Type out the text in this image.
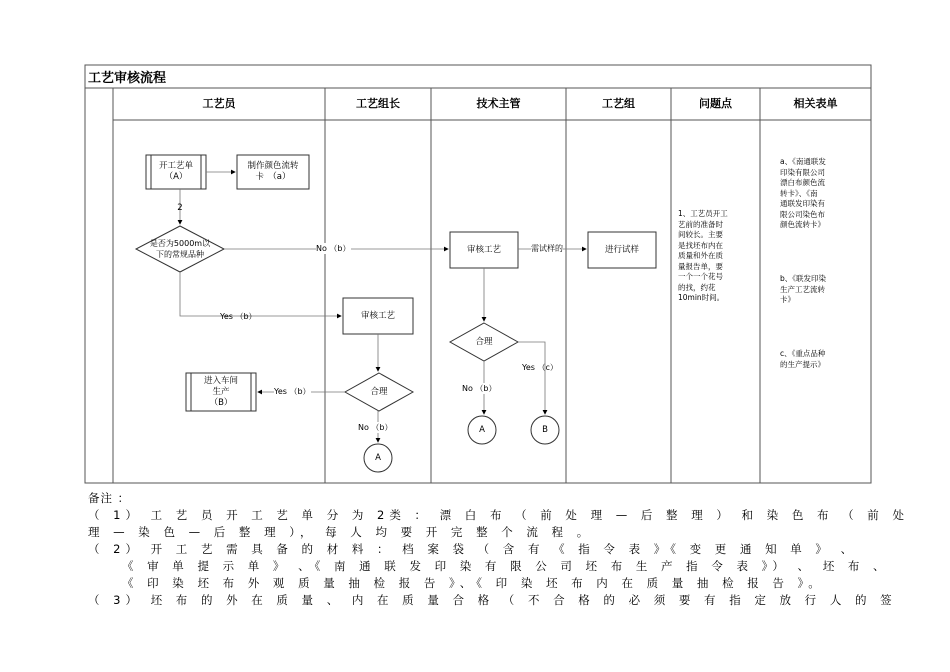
工艺审核流程
工艺员	工艺组长	技术主管	工艺组	问题点	相关表单
开工艺单
（A）
制作颜色流转
卡　（a）
2
是否为5000m以
下的常规品种
审核工艺
合理
进入车间
生产
（B）
A
审核工艺
合理
A	B
进行试样
No （b）
Yes （b）
Yes （b）
No （b）
需试样的
Yes （c）
No （b）
1、工艺员开工
艺前的准备时
间较长。主要
是找坯布内在
质量和外在质
量报告单，要
一个一个花号
的找，约花
10min时间。
a、《南通联发
印染有限公司
漂白布颜色流
转卡》、《南
通联发印染有
限公司染色布
颜色流转卡》
b、《联发印染
生产工艺流转
卡》
c、《重点品种
的生产提示》
备注 ：
（ 1） 工 艺 员 开 工 艺 单 分 为 2类 ： 漂 白 布 （ 前 处 理 — 后 整 理 ） 和 染 色 布 （ 前 处
理 — 染 色 — 后 整 理 ）， 每 人 均 要 开 完 整 个 流 程 。
（ 2） 开 工 艺 需 具 备 的 材 料 ： 档 案 袋 （ 含 有 《 指 令 表 》《 变 更 通 知 单 》 、
《 审 单 提 示 单 》 、《 南 通 联 发 印 染 有 限 公 司 坯 布 生 产 指 令 表 》） 、 坯 布 、
《 印 染 坯 布 外 观 质 量 抽 检 报 告 》、《 印 染 坯 布 内 在 质 量 抽 检 报 告 》。
（ 3） 坯 布 的 外 在 质 量 、 内 在 质 量 合 格 （ 不 合 格 的 必 须 要 有 指 定 放 行 人 的 签
